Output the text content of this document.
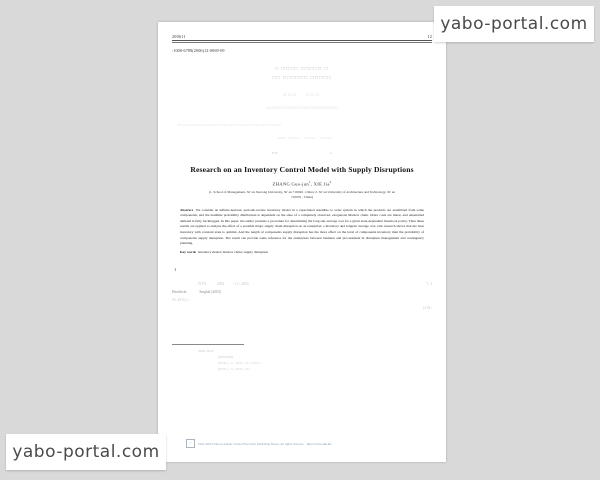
2006 11	12
:1000-6788(2006)12-0069-09
□ □□□□ □□□□□ □
□□ □□□□□□ □□□□□
□□□ , □□□
□□□□□□□□□□□□□□□□□□□□□□□□□□
□□□□□□□□□□□□□□□□□□□□□□□□□□□□□□□□
□□□ □□□□ ; □□□□ ; □□□□
E79	A
Research on an Inventory Control Model with Supply Disruptions
ZHANG Guo-jun$^1$, XIE Jia$^2$
(1. School of Management, Xi' an Jiaotong University, Xi' an 710049 , China; 2. Xi' an University of Architecture and Technology, Xi' an
710055 , China)
Abstract We consider an infinite-horizon, periodic-review inventory model in a capacitated assemble to order system in which the products are assembled from some components, and the leadtime probability distribution is dependent on the state of a completely observed, exogenous Markov chain. Order costs are linear, and unsatisfied demand is fully backlogged. In this paper, the author presents a procedure for determining the long-run average cost for a given state-dependent basestock policy. Then these results are applied to analyze the effect of a possible major supply chain disruption on an enterprise: s inventory and longrun average cost. Our research shows that the base inventory with constant state is optimal. And the length of components supply disruption has the more effect on the level of components inventory than the probability of components supply disruption. The result can provide some reference for the enterprises between business and procurement in disruption management and contingency planning.
Key words inventory model; markov chain; supply disruption
1
WTO            2004          □□□ ,2003	7. 2
Hendricks              Singhal (2003)
93. 28 %□□ ,
(4,9)□
:2005-10-25
(70573100)
(1970- ) , □ , □□□□ , □□ , □□□□ ;
(1975- ) , □ , □□□□ , □□ .
©	1994-2009 China Academic Journal Electronic Publishing House. All rights reserved. http://www.cnki.net
yabo-portal.com
yabo-portal.com
